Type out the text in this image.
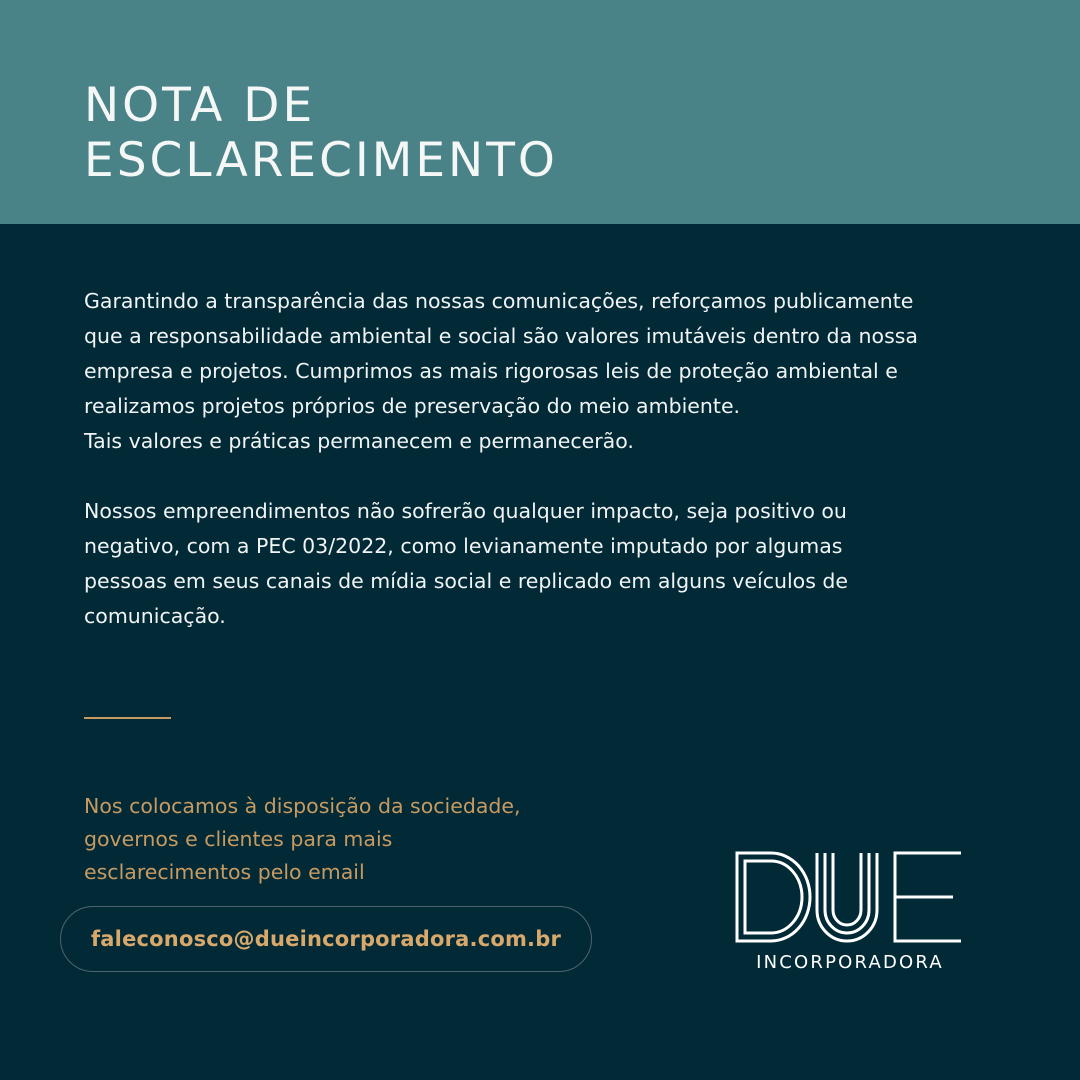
NOTA DE
ESCLARECIMENTO

Garantindo a transparência das nossas comunicações, reforçamos publicamente
que a responsabilidade ambiental e social são valores imutáveis dentro da nossa
empresa e projetos. Cumprimos as mais rigorosas leis de proteção ambiental e
realizamos projetos próprios de preservação do meio ambiente.
Tais valores e práticas permanecem e permanecerão.

Nossos empreendimentos não sofrerão qualquer impacto, seja positivo ou
negativo, com a PEC 03/2022, como levianamente imputado por algumas
pessoas em seus canais de mídia social e replicado em alguns veículos de
comunicação.

Nos colocamos à disposição da sociedade,
governos e clientes para mais
esclarecimentos pelo email

faleconosco@dueincorporadora.com.br
INCORPORADORA
